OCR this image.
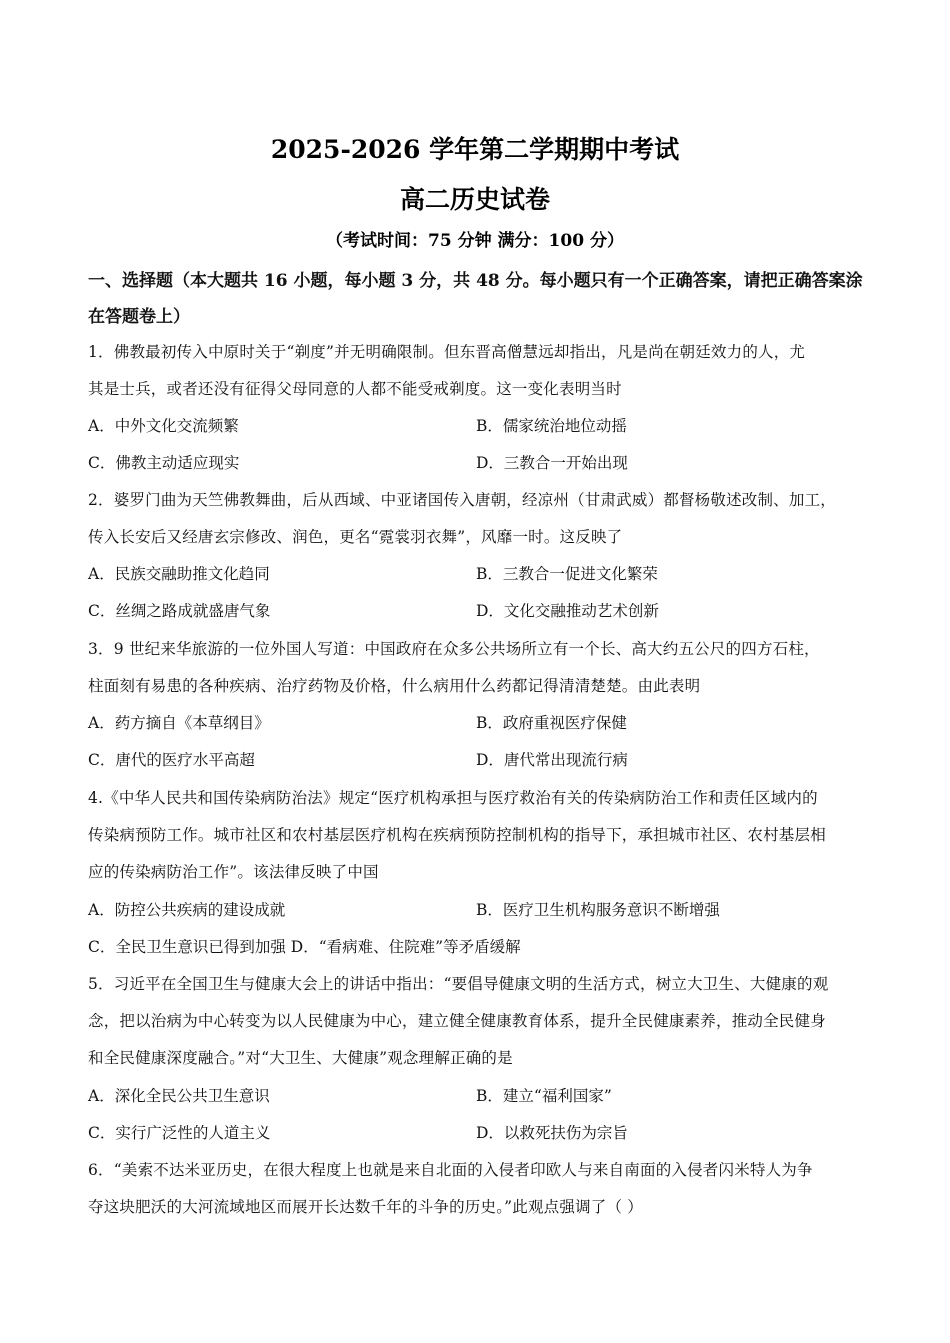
2025-2026 学年第二学期期中考试
高二历史试卷
（考试时间：75 分钟 满分：100 分）
一、选择题（本大题共 16 小题，每小题 3 分，共 48 分。每小题只有一个正确答案，请把正确答案涂在答题卷上）
1．佛教最初传入中原时关于“剃度”并无明确限制。但东晋高僧慧远却指出，凡是尚在朝廷效力的人，尤
其是士兵，或者还没有征得父母同意的人都不能受戒剃度。这一变化表明当时
A．中外文化交流频繁	B．儒家统治地位动摇
C．佛教主动适应现实	D．三教合一开始出现
2．婆罗门曲为天竺佛教舞曲，后从西域、中亚诸国传入唐朝，经凉州（甘肃武威）都督杨敬述改制、加工，
传入长安后又经唐玄宗修改、润色，更名“霓裳羽衣舞”，风靡一时。这反映了
A．民族交融助推文化趋同	B．三教合一促进文化繁荣
C．丝绸之路成就盛唐气象	D．文化交融推动艺术创新
3．9 世纪来华旅游的一位外国人写道：中国政府在众多公共场所立有一个长、高大约五公尺的四方石柱，
柱面刻有易患的各种疾病、治疗药物及价格，什么病用什么药都记得清清楚楚。由此表明
A．药方摘自《本草纲目》	B．政府重视医疗保健
C．唐代的医疗水平高超	D．唐代常出现流行病
4.《中华人民共和国传染病防治法》规定“医疗机构承担与医疗救治有关的传染病防治工作和责任区域内的
传染病预防工作。城市社区和农村基层医疗机构在疾病预防控制机构的指导下，承担城市社区、农村基层相
应的传染病防治工作”。该法律反映了中国
A．防控公共疾病的建设成就	B．医疗卫生机构服务意识不断增强
C．全民卫生意识已得到加强 D．“看病难、住院难”等矛盾缓解
5．习近平在全国卫生与健康大会上的讲话中指出：“要倡导健康文明的生活方式，树立大卫生、大健康的观
念，把以治病为中心转变为以人民健康为中心，建立健全健康教育体系，提升全民健康素养，推动全民健身
和全民健康深度融合。”对“大卫生、大健康”观念理解正确的是
A．深化全民公共卫生意识	B．建立“福利国家”
C．实行广泛性的人道主义	D．以救死扶伤为宗旨
6．“美索不达米亚历史，在很大程度上也就是来自北面的入侵者印欧人与来自南面的入侵者闪米特人为争
夺这块肥沃的大河流域地区而展开长达数千年的斗争的历史。”此观点强调了（ ）
